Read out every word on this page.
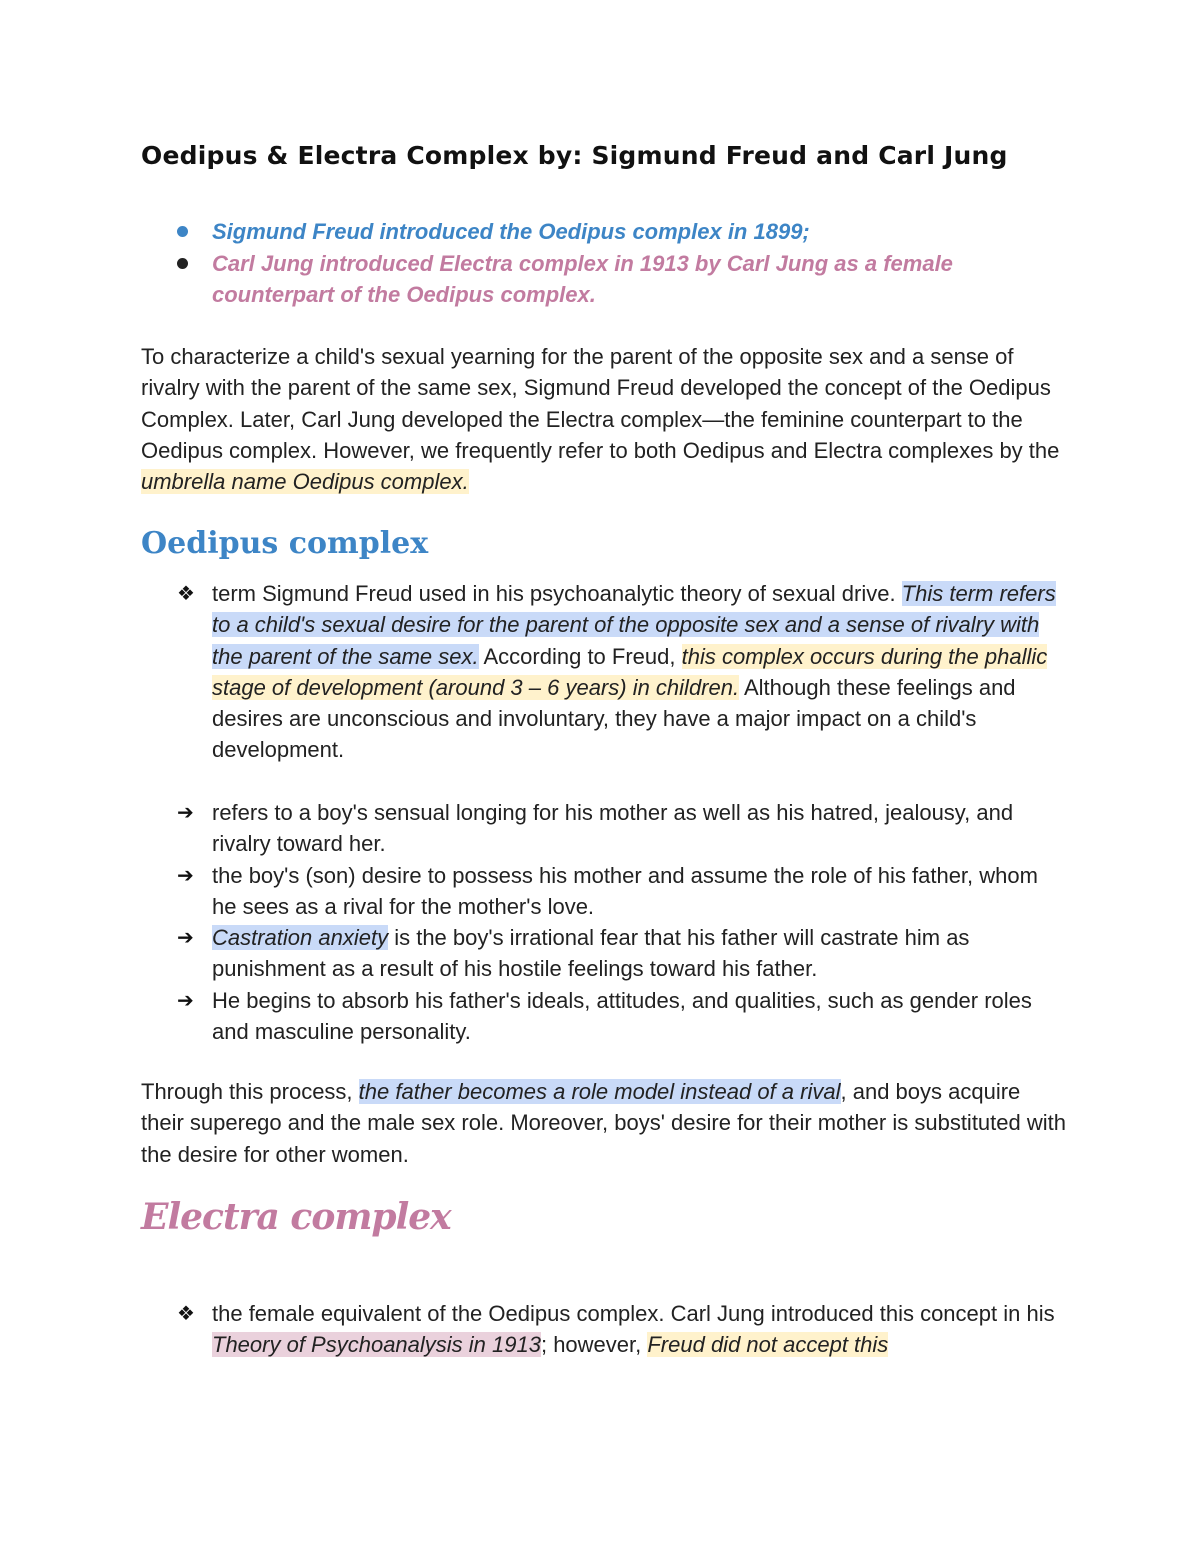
Oedipus & Electra Complex by: Sigmund Freud and Carl Jung
Sigmund Freud introduced the Oedipus complex in 1899;
Carl Jung introduced Electra complex in 1913 by Carl Jung as a female counterpart of the Oedipus complex.

To characterize a child's sexual yearning for the parent of the opposite sex and a sense of rivalry with the parent of the same sex, Sigmund Freud developed the concept of the Oedipus Complex. Later, Carl Jung developed the Electra complex—the feminine counterpart to the Oedipus complex. However, we frequently refer to both Oedipus and Electra complexes by the umbrella name Oedipus complex.

Oedipus complex
❖ term Sigmund Freud used in his psychoanalytic theory of sexual drive. This term refers to a child's sexual desire for the parent of the opposite sex and a sense of rivalry with the parent of the same sex. According to Freud, this complex occurs during the phallic stage of development (around 3 – 6 years) in children. Although these feelings and desires are unconscious and involuntary, they have a major impact on a child's development.
➔ refers to a boy's sensual longing for his mother as well as his hatred, jealousy, and rivalry toward her.
➔ the boy's (son) desire to possess his mother and assume the role of his father, whom he sees as a rival for the mother's love.
➔ Castration anxiety is the boy's irrational fear that his father will castrate him as punishment as a result of his hostile feelings toward his father.
➔ He begins to absorb his father's ideals, attitudes, and qualities, such as gender roles and masculine personality.

Through this process, the father becomes a role model instead of a rival, and boys acquire their superego and the male sex role. Moreover, boys' desire for their mother is substituted with the desire for other women.

Electra complex
❖ the female equivalent of the Oedipus complex. Carl Jung introduced this concept in his Theory of Psychoanalysis in 1913; however, Freud did not accept this
